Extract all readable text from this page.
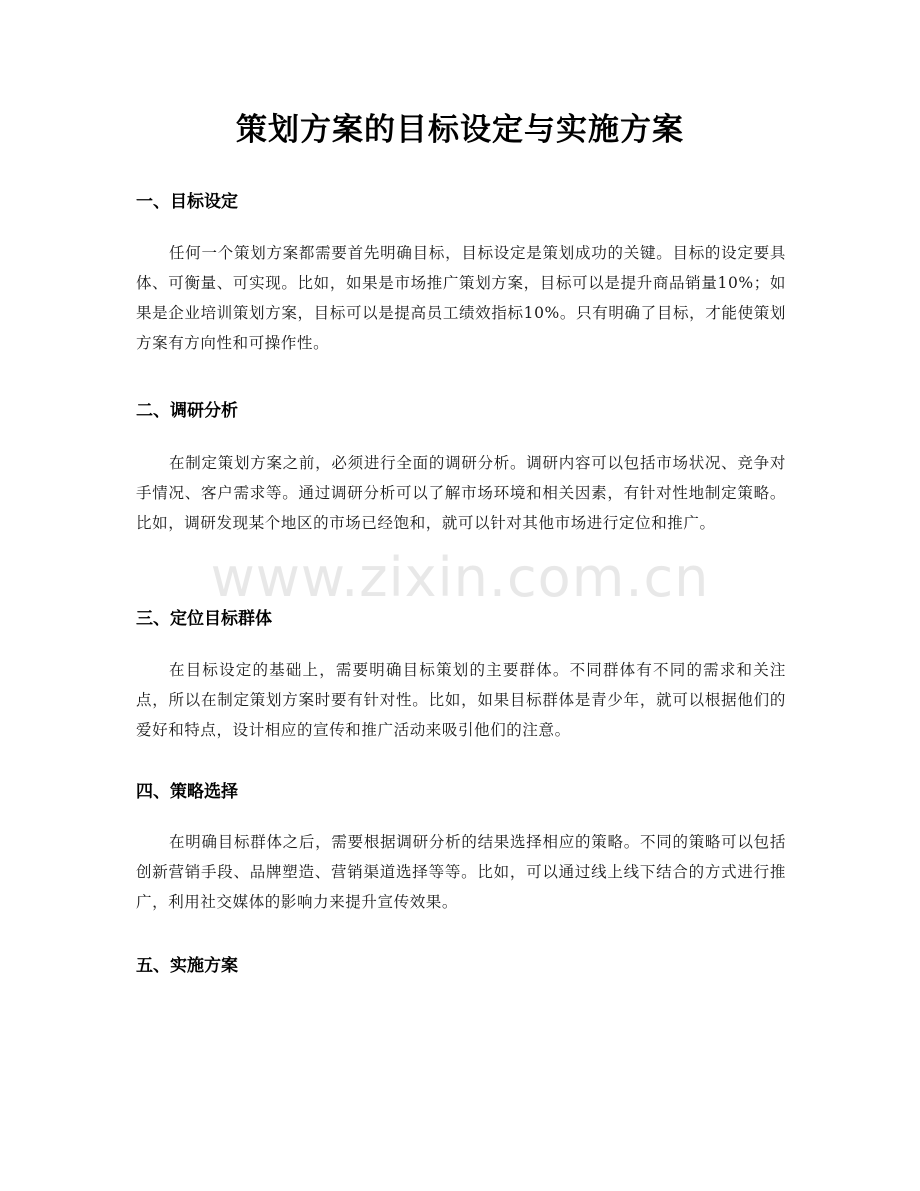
策划方案的目标设定与实施方案
一、目标设定
任何一个策划方案都需要首先明确目标，目标设定是策划成功的关键。目标的设定要具体、可衡量、可实现。比如，如果是市场推广策划方案，目标可以是提升商品销量10%；如果是企业培训策划方案，目标可以是提高员工绩效指标10%。只有明确了目标，才能使策划方案有方向性和可操作性。
二、调研分析
在制定策划方案之前，必须进行全面的调研分析。调研内容可以包括市场状况、竞争对手情况、客户需求等。通过调研分析可以了解市场环境和相关因素，有针对性地制定策略。比如，调研发现某个地区的市场已经饱和，就可以针对其他市场进行定位和推广。
三、定位目标群体
在目标设定的基础上，需要明确目标策划的主要群体。不同群体有不同的需求和关注点，所以在制定策划方案时要有针对性。比如，如果目标群体是青少年，就可以根据他们的爱好和特点，设计相应的宣传和推广活动来吸引他们的注意。
四、策略选择
在明确目标群体之后，需要根据调研分析的结果选择相应的策略。不同的策略可以包括创新营销手段、品牌塑造、营销渠道选择等等。比如，可以通过线上线下结合的方式进行推广，利用社交媒体的影响力来提升宣传效果。
五、实施方案
www.zixin.com.cn
